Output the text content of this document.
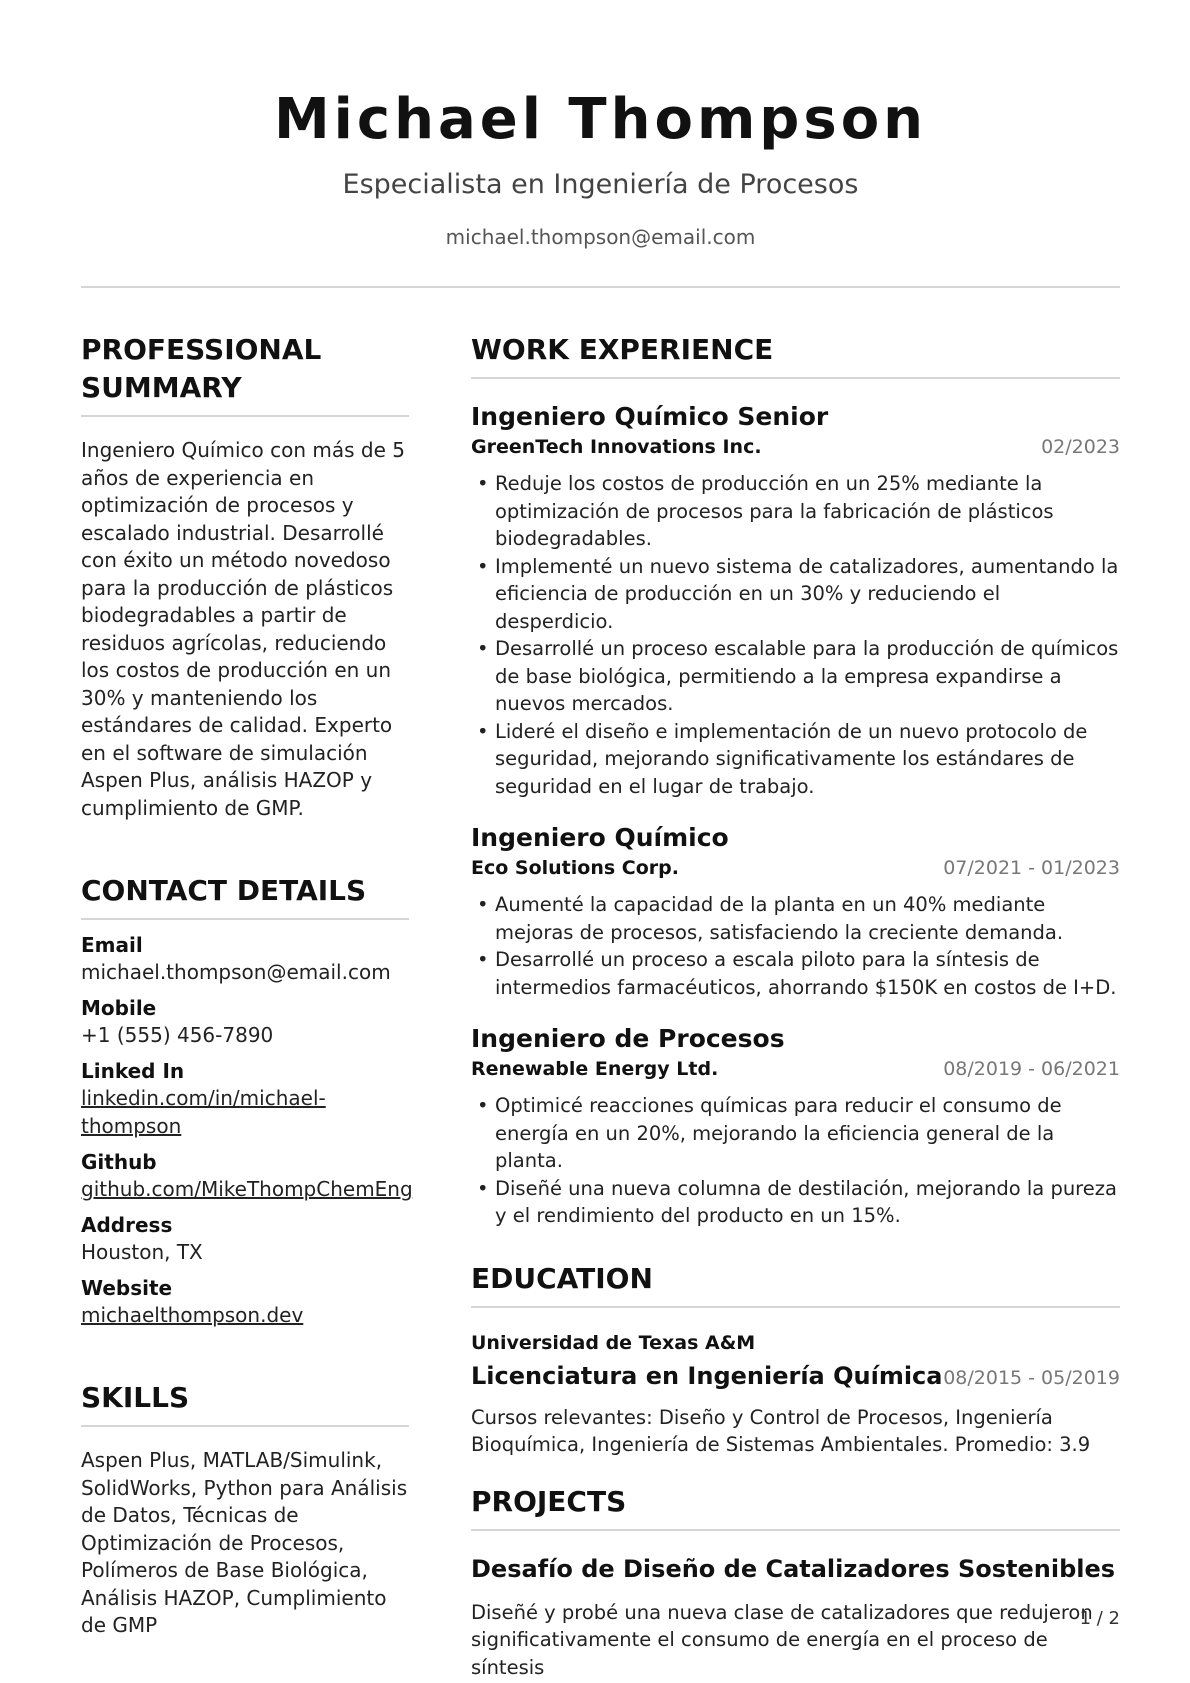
Michael Thompson
Especialista en Ingeniería de Procesos
michael.thompson@email.com
PROFESSIONAL SUMMARY
Ingeniero Químico con más de 5 años de experiencia en optimización de procesos y escalado industrial. Desarrollé con éxito un método novedoso para la producción de plásticos biodegradables a partir de residuos agrícolas, reduciendo los costos de producción en un 30% y manteniendo los estándares de calidad. Experto en el software de simulación Aspen Plus, análisis HAZOP y cumplimiento de GMP.
CONTACT DETAILS
Email
michael.thompson@email.com
Mobile
+1 (555) 456-7890
Linked In
linkedin.com/in/michael-thompson
Github
github.com/MikeThompChemEng
Address
Houston, TX
Website
michaelthompson.dev
SKILLS
Aspen Plus, MATLAB/Simulink, SolidWorks, Python para Análisis de Datos, Técnicas de Optimización de Procesos, Polímeros de Base Biológica, Análisis HAZOP, Cumplimiento de GMP
WORK EXPERIENCE
Ingeniero Químico Senior
GreenTech Innovations Inc.	02/2023
• Reduje los costos de producción en un 25% mediante la optimización de procesos para la fabricación de plásticos biodegradables.
• Implementé un nuevo sistema de catalizadores, aumentando la eficiencia de producción en un 30% y reduciendo el desperdicio.
• Desarrollé un proceso escalable para la producción de químicos de base biológica, permitiendo a la empresa expandirse a nuevos mercados.
• Lideré el diseño e implementación de un nuevo protocolo de seguridad, mejorando significativamente los estándares de seguridad en el lugar de trabajo.
Ingeniero Químico
Eco Solutions Corp.	07/2021 - 01/2023
• Aumenté la capacidad de la planta en un 40% mediante mejoras de procesos, satisfaciendo la creciente demanda.
• Desarrollé un proceso a escala piloto para la síntesis de intermedios farmacéuticos, ahorrando $150K en costos de I+D.
Ingeniero de Procesos
Renewable Energy Ltd.	08/2019 - 06/2021
• Optimicé reacciones químicas para reducir el consumo de energía en un 20%, mejorando la eficiencia general de la planta.
• Diseñé una nueva columna de destilación, mejorando la pureza y el rendimiento del producto en un 15%.
EDUCATION
Universidad de Texas A&M
Licenciatura en Ingeniería Química 08/2015 - 05/2019
Cursos relevantes: Diseño y Control de Procesos, Ingeniería Bioquímica, Ingeniería de Sistemas Ambientales. Promedio: 3.9
PROJECTS
Desafío de Diseño de Catalizadores Sostenibles
Diseñé y probé una nueva clase de catalizadores que redujeron significativamente el consumo de energía en el proceso de síntesis
1 / 2
